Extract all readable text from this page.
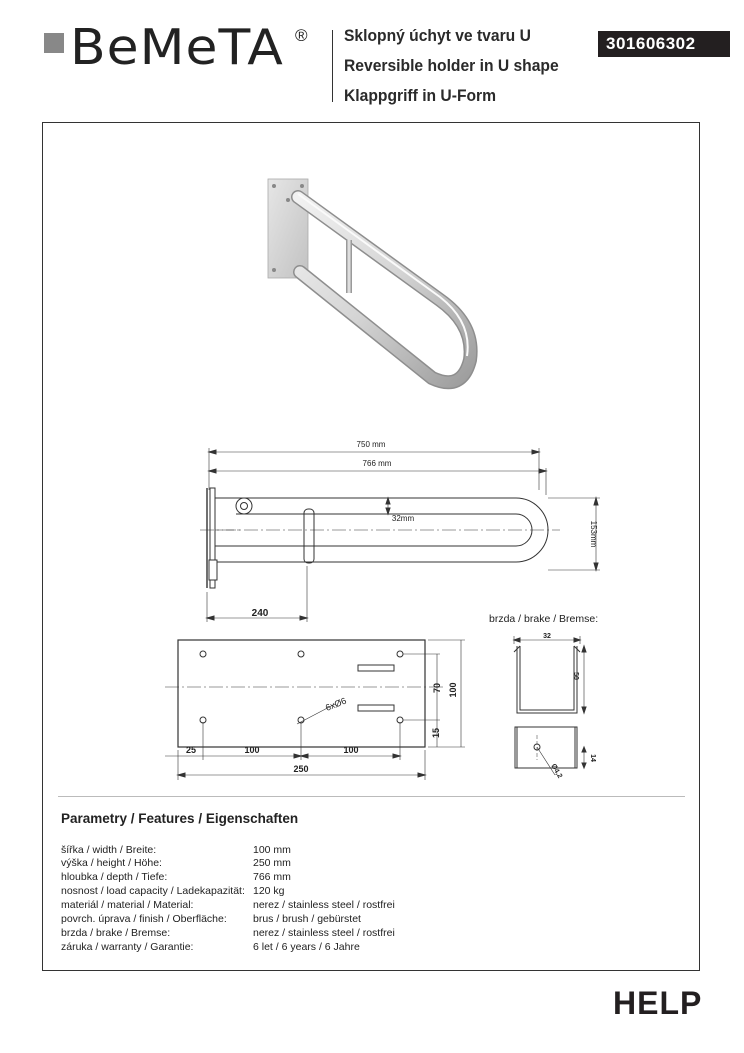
BeMeTA ® Sklopný úchyt ve tvaru U
Reversible holder in U shape
Klappgriff in U-Form
301606302
750 mm
766 mm
32mm
153mm
240
6xØ6
70 100
15
25	100	100
250
brzda / brake / Bremse:
32
50
14
Ø4,2
Parametry / Features / Eigenschaften
šířka / width / Breite:	100 mm
výška / height / Höhe:	250 mm
hloubka / depth / Tiefe:	766 mm
nosnost / load capacity / Ladekapazität: 120 kg
materiál / material / Material:	nerez / stainless steel / rostfrei
povrch. úprava / finish / Oberfläche:	brus / brush / gebürstet
brzda / brake / Bremse:	nerez / stainless steel / rostfrei
záruka / warranty / Garantie:	6 let / 6 years / 6 Jahre
HELP
